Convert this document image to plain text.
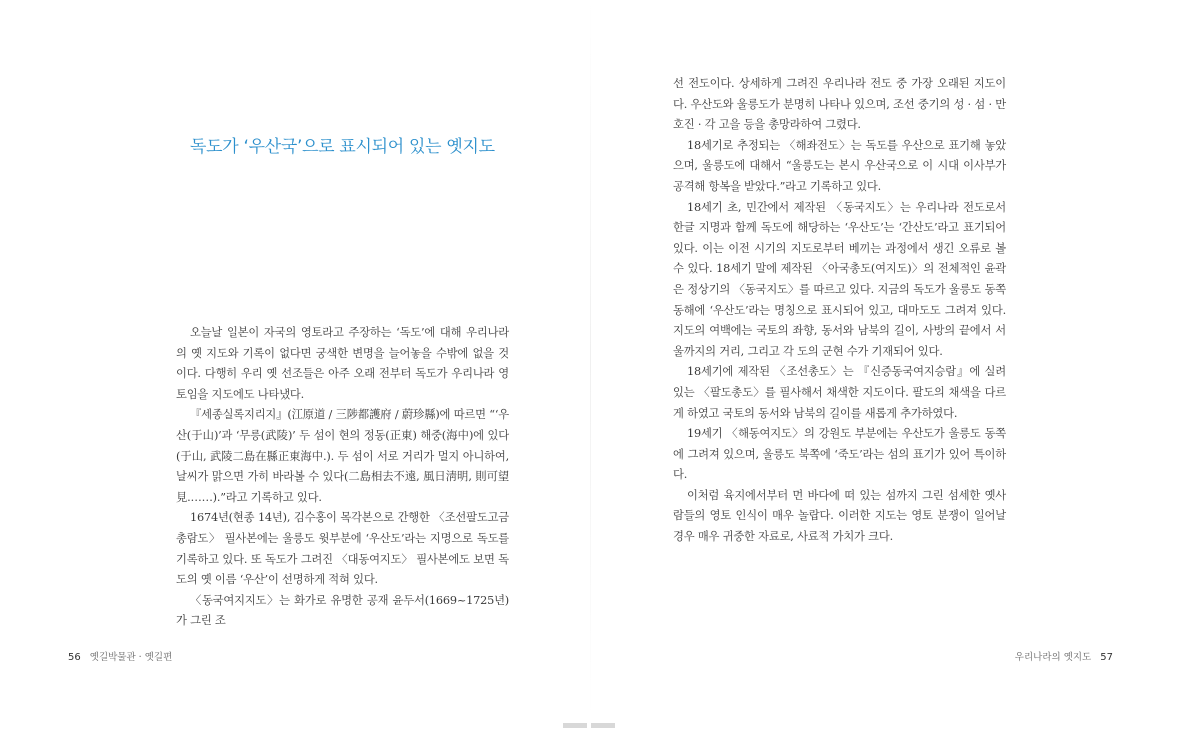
독도가 ‘우산국’으로 표시되어 있는 옛지도

오늘날 일본이 자국의 영토라고 주장하는 ‘독도’에 대해 우리나라의 옛 지도와 기록이 없다면 궁색한 변명을 늘어놓을 수밖에 없을 것이다. 다행히 우리 옛 선조들은 아주 오래 전부터 독도가 우리나라 영토임을 지도에도 나타냈다.

『세종실록지리지』(江原道 / 三陟都護府 / 蔚珍縣)에 따르면 “‘우산(于山)’과 ‘무릉(武陵)’ 두 섬이 현의 정동(正東) 해중(海中)에 있다(于山, 武陵二島在縣正東海中.). 두 섬이 서로 거리가 멀지 아니하여, 날씨가 맑으면 가히 바라볼 수 있다(二島相去不遠, 風日淸明, 則可望見.……).”라고 기록하고 있다.

1674년(현종 14년), 김수홍이 목각본으로 간행한 〈조선팔도고금총람도〉 필사본에는 울릉도 윗부분에 ‘우산도’라는 지명으로 독도를 기록하고 있다. 또 독도가 그려진 〈대동여지도〉 필사본에도 보면 독도의 옛 이름 ‘우산’이 선명하게 적혀 있다.

〈동국여지지도〉는 화가로 유명한 공재 윤두서(1669~1725년)가 그린 조

56 옛길박물관 · 옛길편

선 전도이다. 상세하게 그려진 우리나라 전도 중 가장 오래된 지도이다. 우산도와 울릉도가 분명히 나타나 있으며, 조선 중기의 성 · 섬 · 만호진 · 각 고을 등을 총망라하여 그렸다.

18세기로 추정되는 〈해좌전도〉는 독도를 우산으로 표기해 놓았으며, 울릉도에 대해서 “울릉도는 본시 우산국으로 이 시대 이사부가 공격해 항복을 받았다.”라고 기록하고 있다.

18세기 초, 민간에서 제작된 〈동국지도〉는 우리나라 전도로서 한글 지명과 함께 독도에 해당하는 ‘우산도’는 ‘간산도’라고 표기되어 있다. 이는 이전 시기의 지도로부터 베끼는 과정에서 생긴 오류로 볼 수 있다. 18세기 말에 제작된 〈아국총도(여지도)〉의 전체적인 윤곽은 정상기의 〈동국지도〉를 따르고 있다. 지금의 독도가 울릉도 동쪽 동해에 ‘우산도’라는 명칭으로 표시되어 있고, 대마도도 그려져 있다. 지도의 여백에는 국토의 좌향, 동서와 남북의 길이, 사방의 끝에서 서울까지의 거리, 그리고 각 도의 군현 수가 기재되어 있다.

18세기에 제작된 〈조선총도〉는 『신증동국여지승람』에 실려 있는 〈팔도총도〉를 필사해서 채색한 지도이다. 팔도의 채색을 다르게 하였고 국토의 동서와 남북의 길이를 새롭게 추가하였다.

19세기 〈해동여지도〉의 강원도 부분에는 우산도가 울릉도 동쪽에 그려져 있으며, 울릉도 북쪽에 ‘죽도’라는 섬의 표기가 있어 특이하다.

이처럼 육지에서부터 먼 바다에 떠 있는 섬까지 그린 섬세한 옛사람들의 영토 인식이 매우 놀랍다. 이러한 지도는 영토 분쟁이 일어날 경우 매우 귀중한 자료로, 사료적 가치가 크다.

우리나라의 옛지도 57
